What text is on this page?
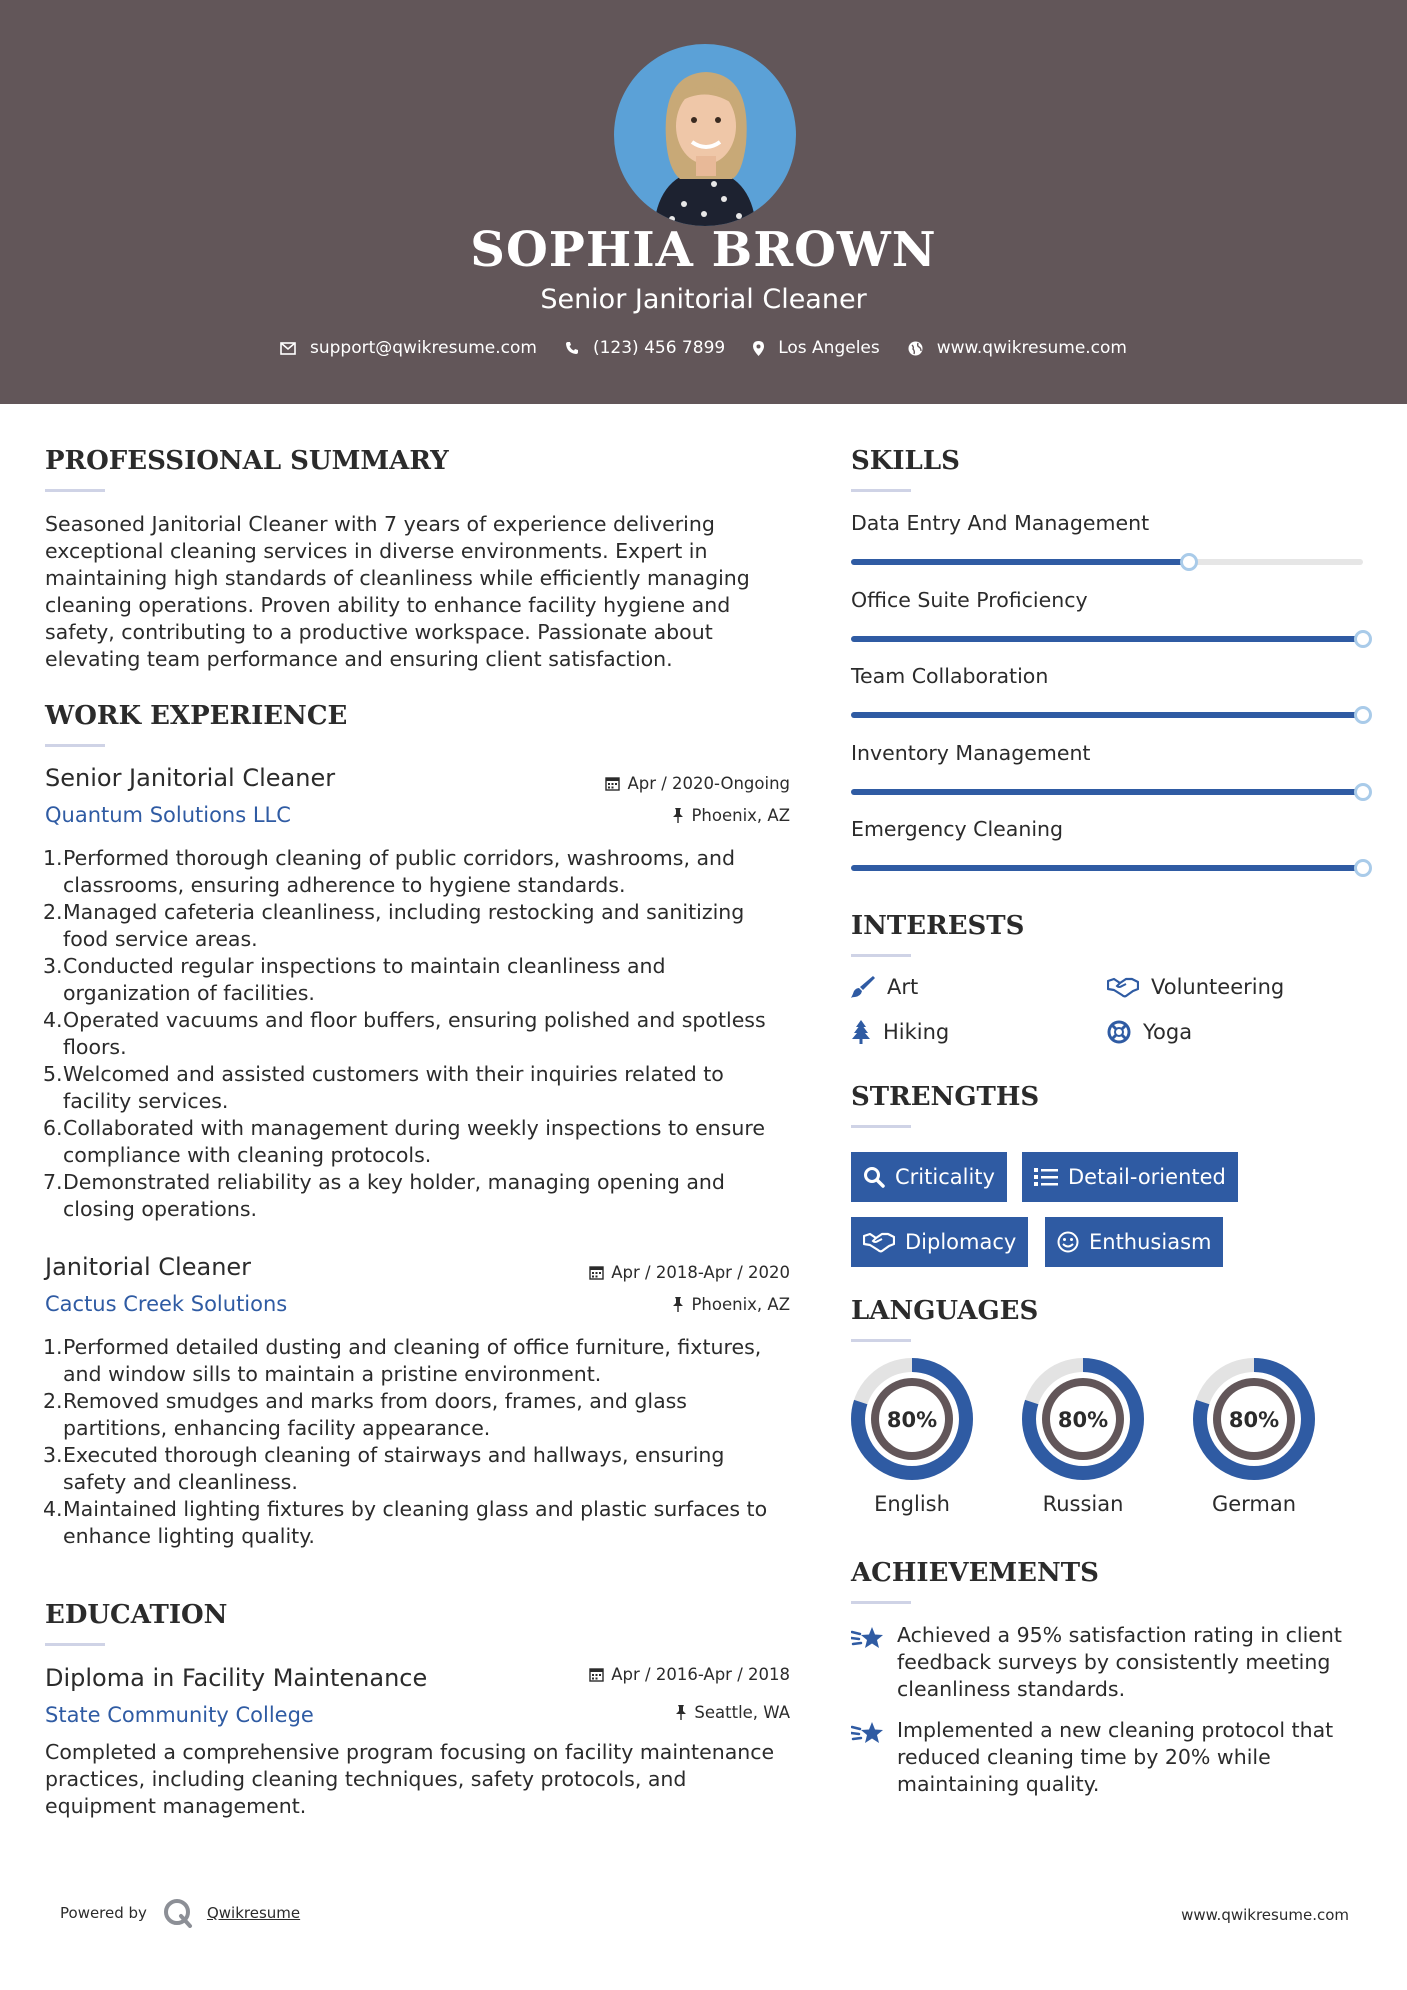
SOPHIA BROWN
Senior Janitorial Cleaner
support@qwikresume.com	(123) 456 7899	Los Angeles	www.qwikresume.com
PROFESSIONAL SUMMARY
Seasoned Janitorial Cleaner with 7 years of experience delivering exceptional cleaning services in diverse environments. Expert in maintaining high standards of cleanliness while efficiently managing cleaning operations. Proven ability to enhance facility hygiene and safety, contributing to a productive workspace. Passionate about elevating team performance and ensuring client satisfaction.
WORK EXPERIENCE
Senior Janitorial Cleaner	Apr / 2020-Ongoing
Quantum Solutions LLC	Phoenix, AZ
1. Performed thorough cleaning of public corridors, washrooms, and classrooms, ensuring adherence to hygiene standards.
2. Managed cafeteria cleanliness, including restocking and sanitizing food service areas.
3. Conducted regular inspections to maintain cleanliness and organization of facilities.
4. Operated vacuums and floor buffers, ensuring polished and spotless floors.
5. Welcomed and assisted customers with their inquiries related to facility services.
6. Collaborated with management during weekly inspections to ensure compliance with cleaning protocols.
7. Demonstrated reliability as a key holder, managing opening and closing operations.
Janitorial Cleaner	Apr / 2018-Apr / 2020
Cactus Creek Solutions	Phoenix, AZ
1. Performed detailed dusting and cleaning of office furniture, fixtures, and window sills to maintain a pristine environment.
2. Removed smudges and marks from doors, frames, and glass partitions, enhancing facility appearance.
3. Executed thorough cleaning of stairways and hallways, ensuring safety and cleanliness.
4. Maintained lighting fixtures by cleaning glass and plastic surfaces to enhance lighting quality.
EDUCATION
Diploma in Facility Maintenance	Apr / 2016-Apr / 2018
State Community College	Seattle, WA
Completed a comprehensive program focusing on facility maintenance practices, including cleaning techniques, safety protocols, and equipment management.
SKILLS
Data Entry And Management
Office Suite Proficiency
Team Collaboration
Inventory Management
Emergency Cleaning
INTERESTS
Art	Volunteering
Hiking	Yoga
STRENGTHS
Criticality	Detail-oriented
Diplomacy	Enthusiasm
LANGUAGES
80%
English
80%
Russian
80%
German
ACHIEVEMENTS
Achieved a 95% satisfaction rating in client feedback surveys by consistently meeting cleanliness standards.
Implemented a new cleaning protocol that reduced cleaning time by 20% while maintaining quality.
Powered by	Qwikresume	www.qwikresume.com
